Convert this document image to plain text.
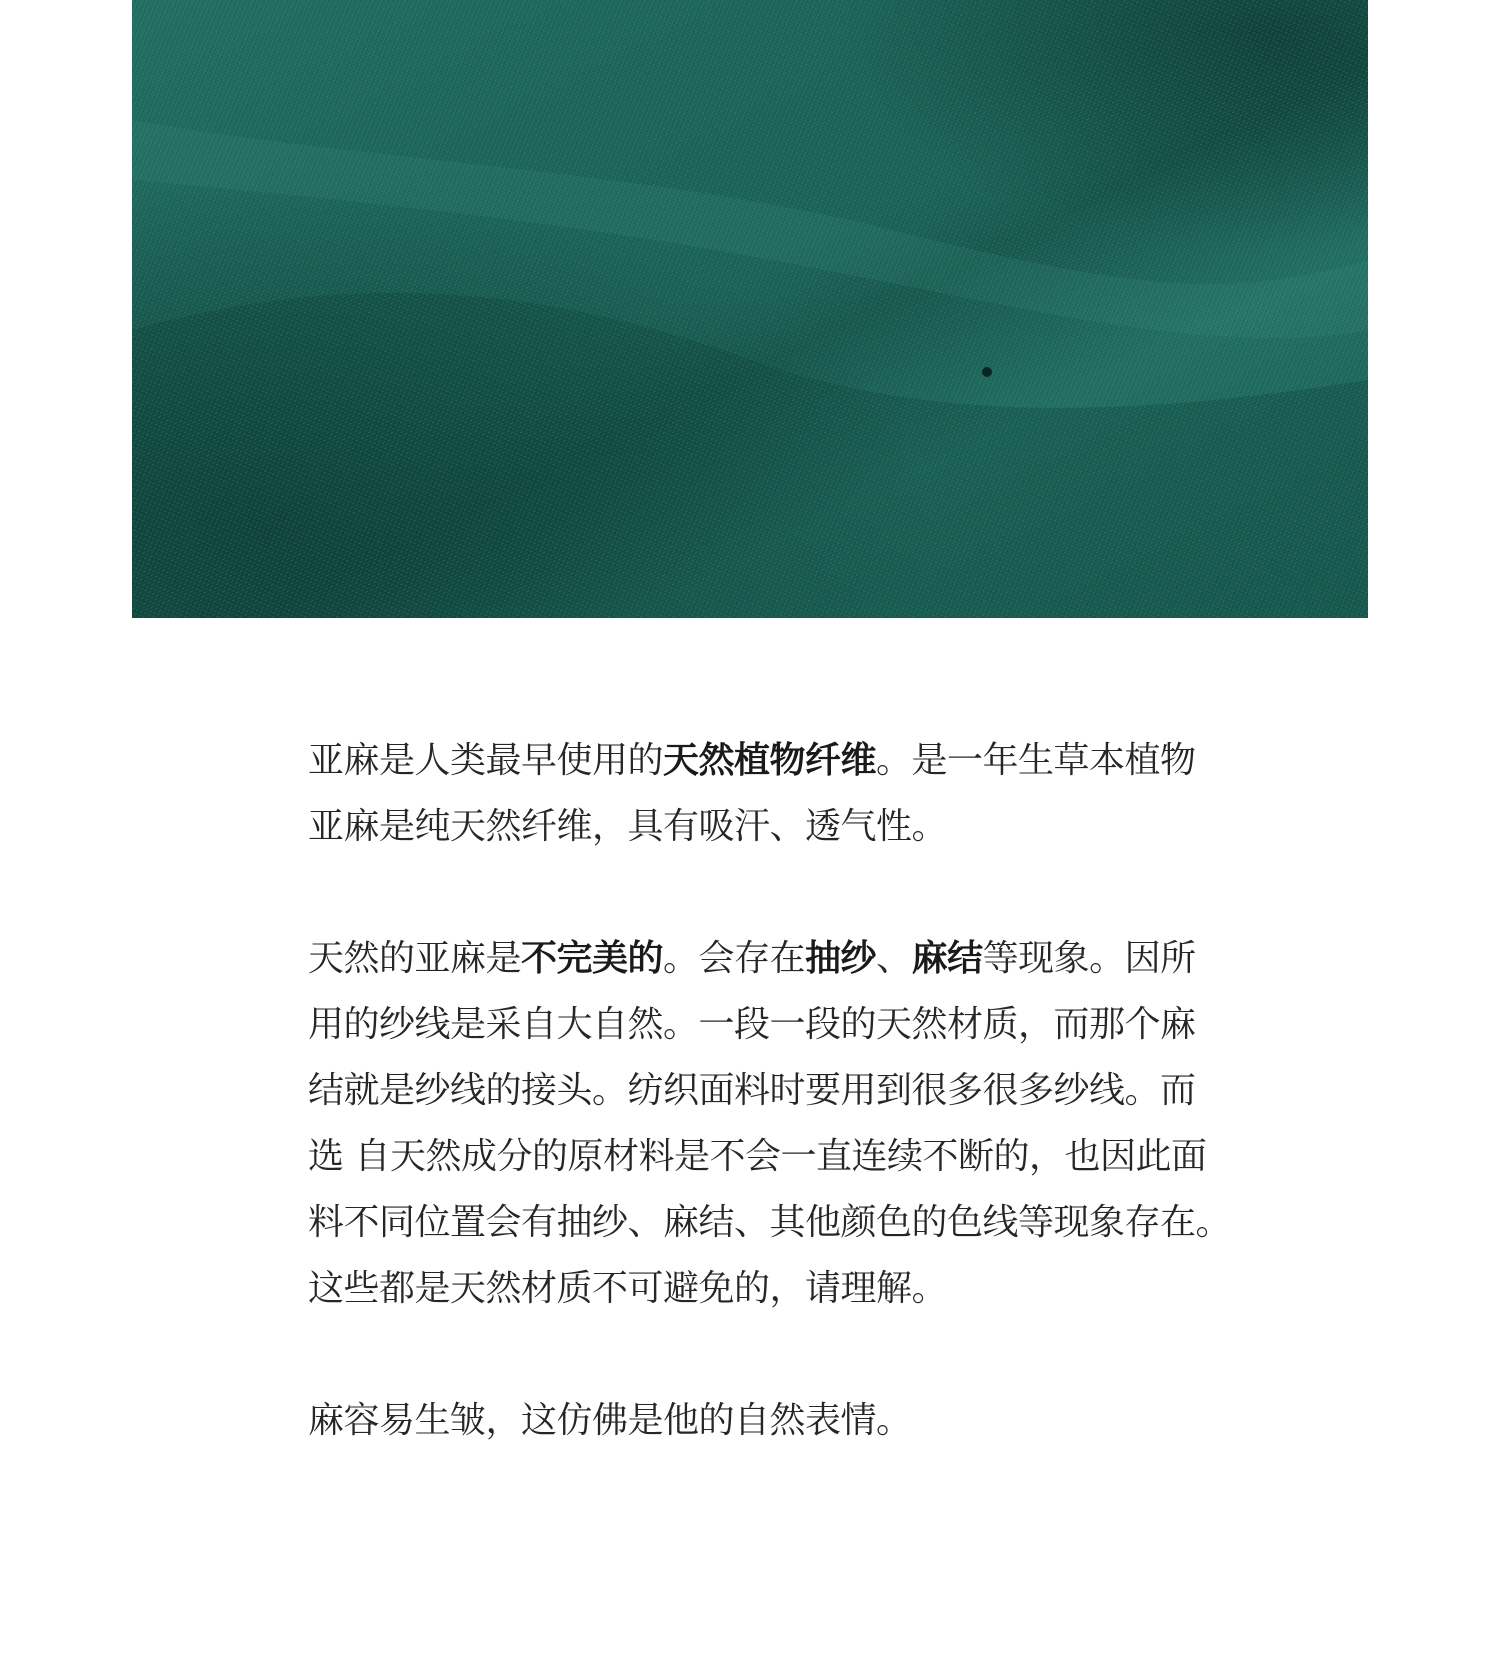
亚麻是人类最早使用的天然植物纤维。是一年生草本植物
亚麻是纯天然纤维，具有吸汗、透气性。

天然的亚麻是不完美的。会存在抽纱、麻结等现象。因所
用的纱线是采自大自然。一段一段的天然材质，而那个麻
结就是纱线的接头。纺织面料时要用到很多很多纱线。而
选 自天然成分的原材料是不会一直连续不断的，也因此面
料不同位置会有抽纱、麻结、其他颜色的色线等现象存在。
这些都是天然材质不可避免的，请理解。

麻容易生皱，这仿佛是他的自然表情。
